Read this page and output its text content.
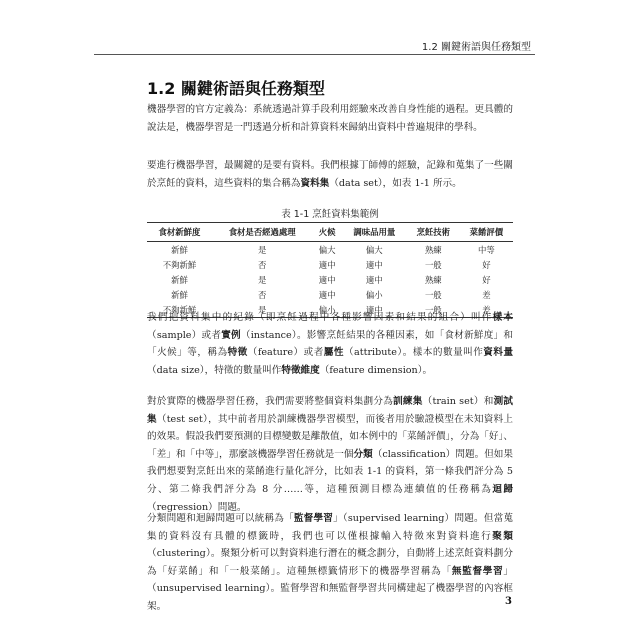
1.2 關鍵術語與任務類型
1.2 關鍵術語與任務類型

機器學習的官方定義為：系統透過計算手段利用經驗來改善自身性能的過程。更具體的說法是，機器學習是一門透過分析和計算資料來歸納出資料中普遍規律的學科。

要進行機器學習，最關鍵的是要有資料。我們根據丁師傅的經驗，記錄和蒐集了一些關於烹飪的資料，這些資料的集合稱為資料集（data set），如表 1-1 所示。

表 1-1 烹飪資料集範例
食材新鮮度	食材是否經過處理	火候	調味品用量	烹飪技術	菜餚評價
新鮮	是	偏大	偏大	熟練	中等
不夠新鮮	否	適中	適中	一般	好
新鮮	是	適中	適中	熟練	好
新鮮	否	適中	偏小	一般	差
不夠新鮮	是	偏小	適中	一般	差

我們把資料集中的紀錄（即烹飪過程中各種影響因素和結果的組合）叫作樣本（sample）或者實例（instance）。影響烹飪結果的各種因素，如「食材新鮮度」和「火候」等，稱為特徵（feature）或者屬性（attribute）。樣本的數量叫作資料量（data size），特徵的數量叫作特徵維度（feature dimension）。

對於實際的機器學習任務，我們需要將整個資料集劃分為訓練集（train set）和測試集（test set），其中前者用於訓練機器學習模型，而後者用於驗證模型在未知資料上的效果。假設我們要預測的目標變數是離散值，如本例中的「菜餚評價」，分為「好」、「差」和「中等」，那麼該機器學習任務就是一個分類（classification）問題。但如果我們想要對烹飪出來的菜餚進行量化評分，比如表 1-1 的資料，第一條我們評分為 5 分、第二條我們評分為 8 分……等，這種預測目標為連續值的任務稱為迴歸（regression）問題。

分類問題和迴歸問題可以統稱為「監督學習」（supervised learning）問題。但當蒐集的資料沒有具體的標籤時，我們也可以僅根據輸入特徵來對資料進行聚類（clustering）。聚類分析可以對資料進行潛在的概念劃分，自動將上述烹飪資料劃分為「好菜餚」和「一般菜餚」。這種無標籤情形下的機器學習稱為「無監督學習」（unsupervised learning）。監督學習和無監督學習共同構建起了機器學習的內容框架。	3
